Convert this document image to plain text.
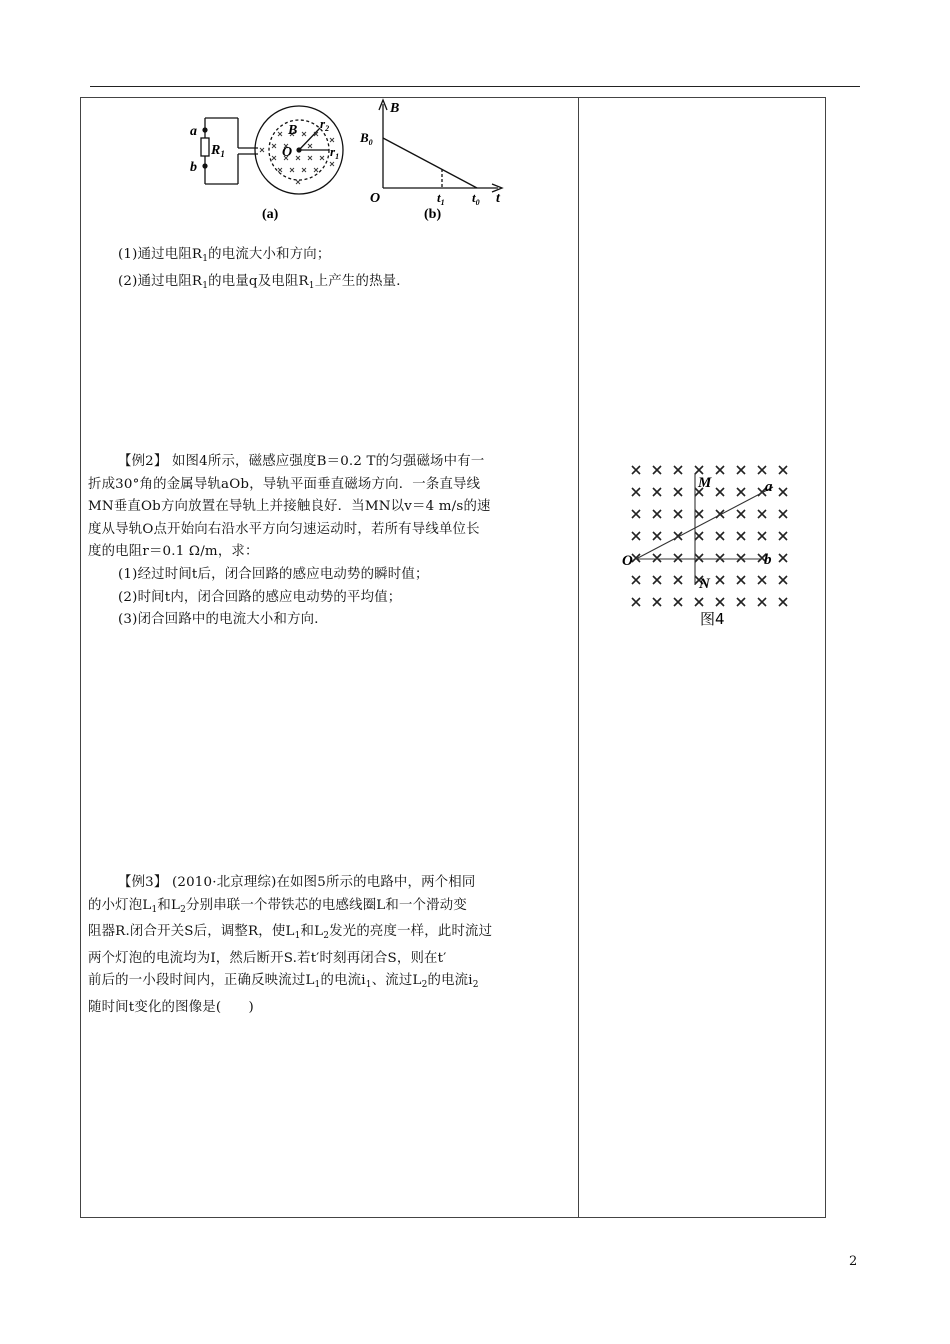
a
b
$R_1$
B
O
$r_2$
$r_1$
(a)
B
$B_0$
O	$t_1$ $t_0$ t
(b)

(1)通过电阻$R_1$的电流大小和方向；

(2)通过电阻$R_1$的电量q及电阻$R_1$上产生的热量．

【例2】 如图4所示，磁感应强度B＝0.2 T的匀强磁场中有一

折成30°角的金属导轨aOb，导轨平面垂直磁场方向．一条直导线

MN垂直Ob方向放置在导轨上并接触良好．当MN以v＝4 m/s的速

度从导轨O点开始向右沿水平方向匀速运动时，若所有导线单位长

度的电阻r＝0.1 Ω/m，求：

(1)经过时间t后，闭合回路的感应电动势的瞬时值；

(2)时间t内，闭合回路的感应电动势的平均值；

(3)闭合回路中的电流大小和方向．

M	a
O	b
N
图4

【例3】 (2010·北京理综)在如图5所示的电路中，两个相同

的小灯泡$L_1$和$L_2$分别串联一个带铁芯的电感线圈L和一个滑动变

阻器R.闭合开关S后，调整R，使$L_1$和$L_2$发光的亮度一样，此时流过

两个灯泡的电流均为I，然后断开S.若t′时刻再闭合S，则在t′

前后的一小段时间内，正确反映流过$L_1$的电流$i_1$、流过$L_2$的电流$i_2$

随时间t变化的图像是(　　)

2
